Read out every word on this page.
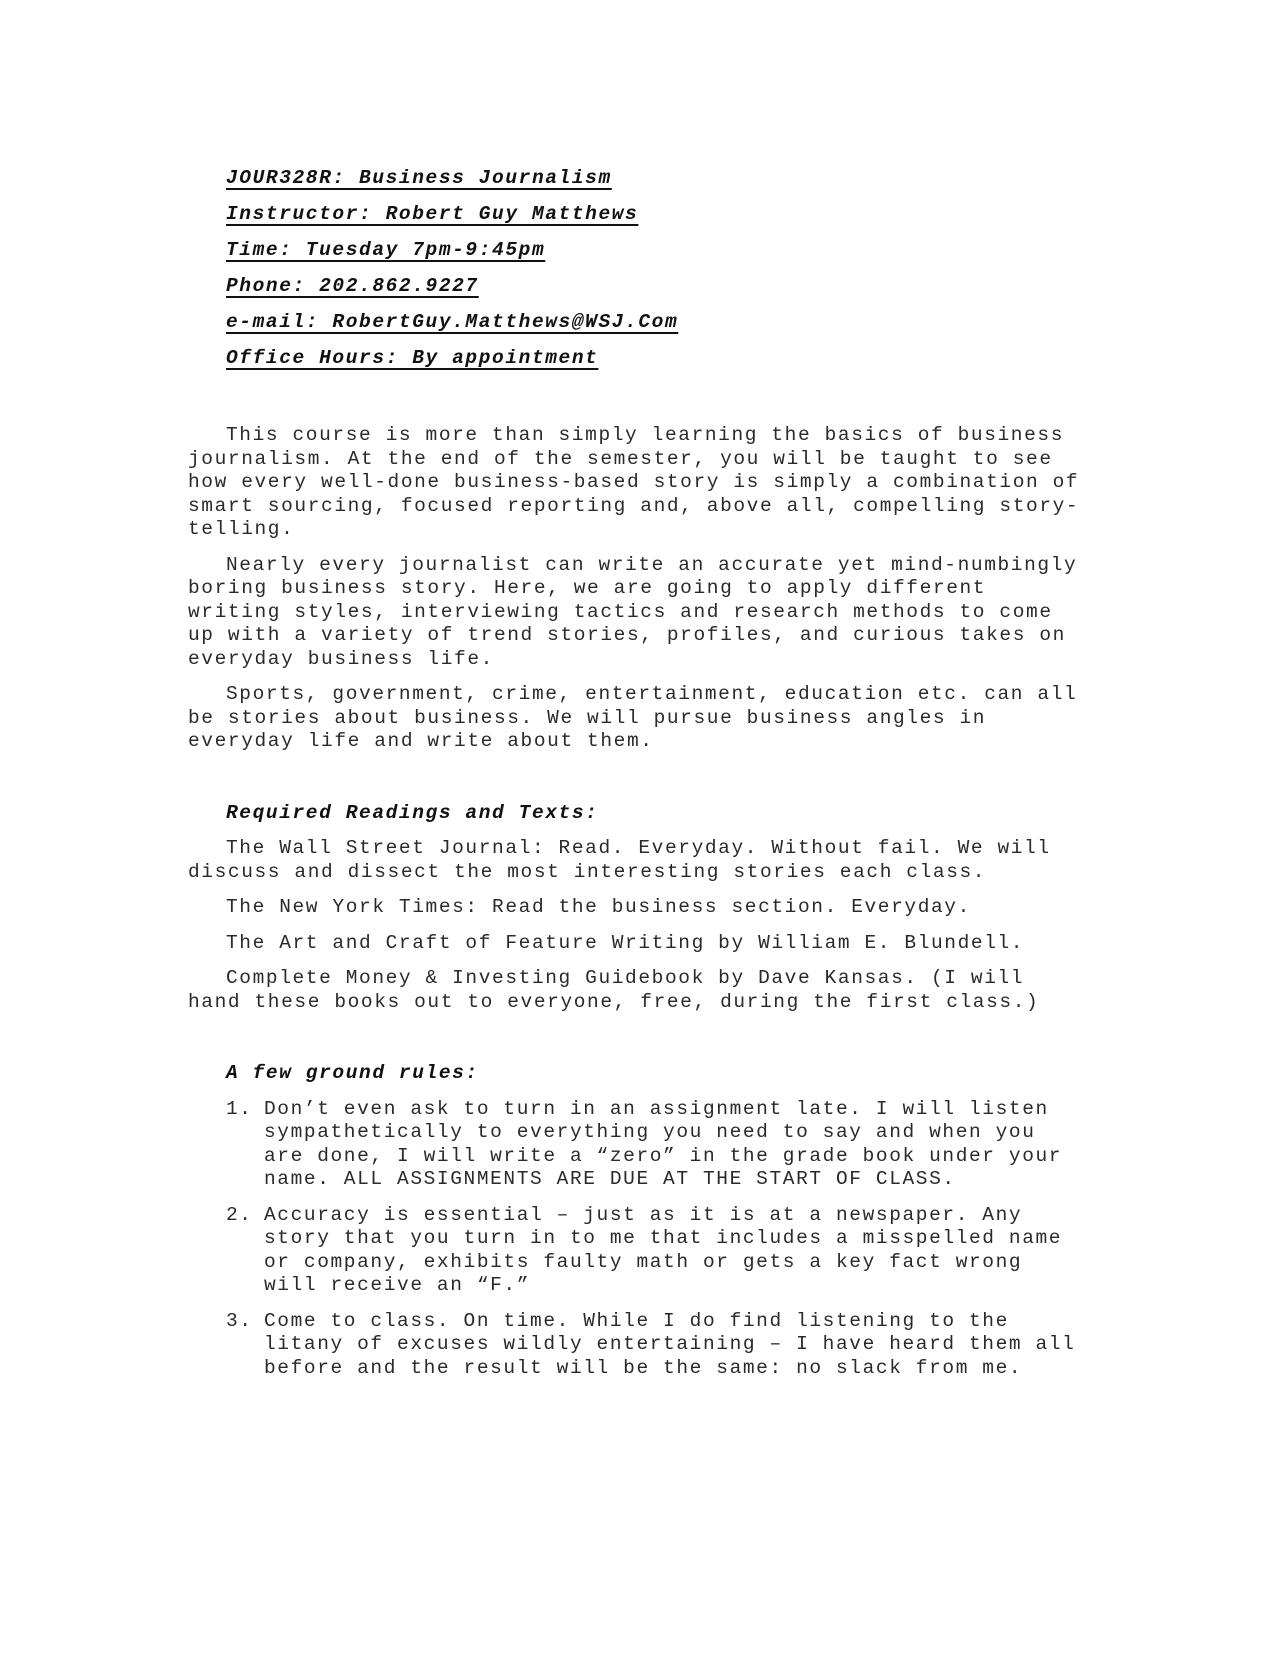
JOUR328R: Business Journalism
Instructor: Robert Guy Matthews
Time: Tuesday 7pm-9:45pm
Phone: 202.862.9227
e-mail: RobertGuy.Matthews@WSJ.Com
Office Hours: By appointment

This course is more than simply learning the basics of business journalism. At the end of the semester, you will be taught to see how every well-done business-based story is simply a combination of smart sourcing, focused reporting and, above all, compelling story-telling.

Nearly every journalist can write an accurate yet mind-numbingly boring business story. Here, we are going to apply different writing styles, interviewing tactics and research methods to come up with a variety of trend stories, profiles, and curious takes on everyday business life.

Sports, government, crime, entertainment, education etc. can all be stories about business. We will pursue business angles in everyday life and write about them.

Required Readings and Texts:

The Wall Street Journal: Read. Everyday. Without fail. We will discuss and dissect the most interesting stories each class.

The New York Times: Read the business section. Everyday.

The Art and Craft of Feature Writing by William E. Blundell.

Complete Money & Investing Guidebook by Dave Kansas. (I will hand these books out to everyone, free, during the first class.)

A few ground rules:
1. Don’t even ask to turn in an assignment late. I will listen sympathetically to everything you need to say and when you are done, I will write a “zero” in the grade book under your name. ALL ASSIGNMENTS ARE DUE AT THE START OF CLASS.
2. Accuracy is essential – just as it is at a newspaper. Any story that you turn in to me that includes a misspelled name or company, exhibits faulty math or gets a key fact wrong will receive an “F.”
3. Come to class. On time. While I do find listening to the litany of excuses wildly entertaining – I have heard them all before and the result will be the same: no slack from me.
